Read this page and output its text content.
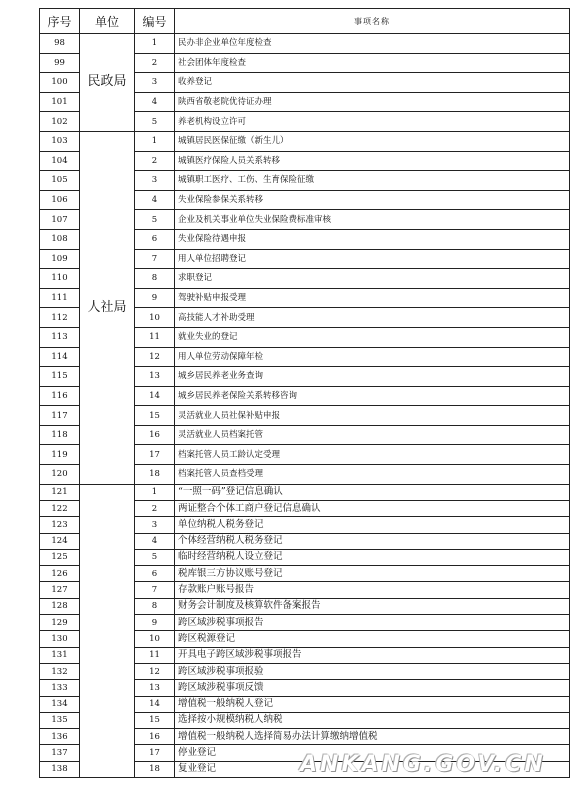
序号	单位	编号	事项名称
98	民政局	1	民办非企业单位年度检查
99		2	社会团体年度检查
100		3	收养登记
101		4	陕西省敬老院优待证办理
102		5	养老机构设立许可
103	人社局	1	城镇居民医保征缴（新生儿）
104		2	城镇医疗保险人员关系转移
105		3	城镇职工医疗、工伤、生育保险征缴
106		4	失业保险参保关系转移
107		5	企业及机关事业单位失业保险费标准审核
108		6	失业保险待遇申报
109		7	用人单位招聘登记
110		8	求职登记
111		9	驾驶补贴申报受理
112		10	高技能人才补助受理
113		11	就业失业的登记
114		12	用人单位劳动保障年检
115		13	城乡居民养老业务查询
116		14	城乡居民养老保险关系转移咨询
117		15	灵活就业人员社保补贴申报
118		16	灵活就业人员档案托管
119		17	档案托管人员工龄认定受理
120		18	档案托管人员查档受理
121		1	“一照一码”登记信息确认
122		2	两证整合个体工商户登记信息确认
123		3	单位纳税人税务登记
124		4	个体经营纳税人税务登记
125		5	临时经营纳税人设立登记
126		6	税库银三方协议账号登记
127		7	存款账户账号报告
128		8	财务会计制度及核算软件备案报告
129		9	跨区域涉税事项报告
130		10	跨区税源登记
131		11	开具电子跨区域涉税事项报告
132		12	跨区域涉税事项报验
133		13	跨区域涉税事项反馈
134		14	增值税一般纳税人登记
135		15	选择按小规模纳税人纳税
136		16	增值税一般纳税人选择简易办法计算缴纳增值税
137		17	停业登记
138		18	复业登记	ANKANG.GOV.CN
